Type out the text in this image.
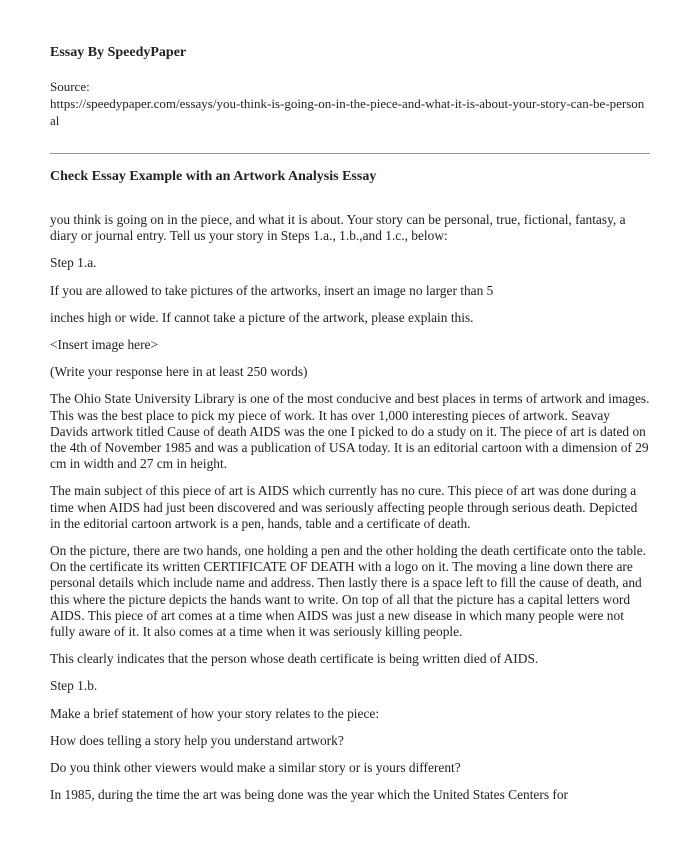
Essay By SpeedyPaper

Source:

https://speedypaper.com/essays/you-think-is-going-on-in-the-piece-and-what-it-is-about-your-story-can-be-personal

Check Essay Example with an Artwork Analysis Essay

you think is going on in the piece, and what it is about. Your story can be personal, true, fictional, fantasy, a diary or journal entry. Tell us your story in Steps 1.a., 1.b.,and 1.c., below:

Step 1.a.

If you are allowed to take pictures of the artworks, insert an image no larger than 5

inches high or wide. If cannot take a picture of the artwork, please explain this.

<Insert image here>

(Write your response here in at least 250 words)

The Ohio State University Library is one of the most conducive and best places in terms of artwork and images. This was the best place to pick my piece of work. It has over 1,000 interesting pieces of artwork. Seavay Davids artwork titled Cause of death AIDS was the one I picked to do a study on it. The piece of art is dated on the 4th of November 1985 and was a publication of USA today. It is an editorial cartoon with a dimension of 29 cm in width and 27 cm in height.

The main subject of this piece of art is AIDS which currently has no cure. This piece of art was done during a time when AIDS had just been discovered and was seriously affecting people through serious death. Depicted in the editorial cartoon artwork is a pen, hands, table and a certificate of death.

On the picture, there are two hands, one holding a pen and the other holding the death certificate onto the table. On the certificate its written CERTIFICATE OF DEATH with a logo on it. The moving a line down there are personal details which include name and address. Then lastly there is a space left to fill the cause of death, and this where the picture depicts the hands want to write. On top of all that the picture has a capital letters word AIDS. This piece of art comes at a time when AIDS was just a new disease in which many people were not fully aware of it. It also comes at a time when it was seriously killing people.

This clearly indicates that the person whose death certificate is being written died of AIDS.

Step 1.b.

Make a brief statement of how your story relates to the piece:

How does telling a story help you understand artwork?

Do you think other viewers would make a similar story or is yours different?

In 1985, during the time the art was being done was the year which the United States Centers for
